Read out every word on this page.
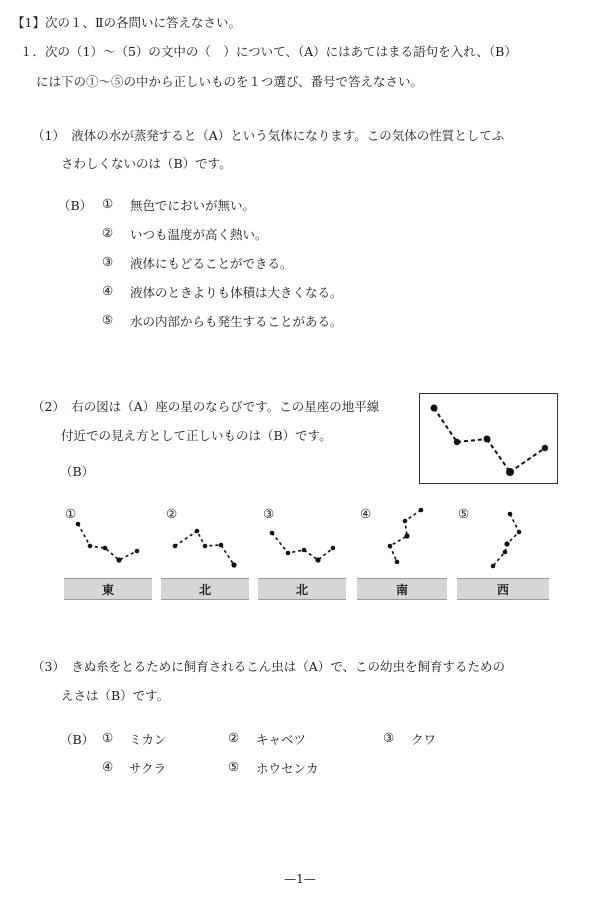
【1】次の１、Ⅱの各問いに答えなさい。
１．次の（1）～（5）の文中の（　）について、（A）にはあてはまる語句を入れ、（B）
には下の①～⑤の中から正しいものを１つ選び、番号で答えなさい。
（1）　液体の水が蒸発すると（A）という気体になります。この気体の性質としてふ
さわしくないのは（B）です。
（B） ① 無色でにおいが無い。
② いつも温度が高く熱い。
③ 液体にもどることができる。
④ 液体のときよりも体積は大きくなる。
⑤ 水の内部からも発生することがある。
（2）　右の図は（A）座の星のならびです。この星座の地平線
付近での見え方として正しいものは（B）です。
（B）
①	②	③	④	⑤
東	北	北	南	西
（3）　きぬ糸をとるために飼育されるこん虫は（A）で、この幼虫を飼育するための
えさは（B）です。
（B） ① ミカン	② キャベツ	③ クワ
④ サクラ	⑤ ホウセンカ
—1—
